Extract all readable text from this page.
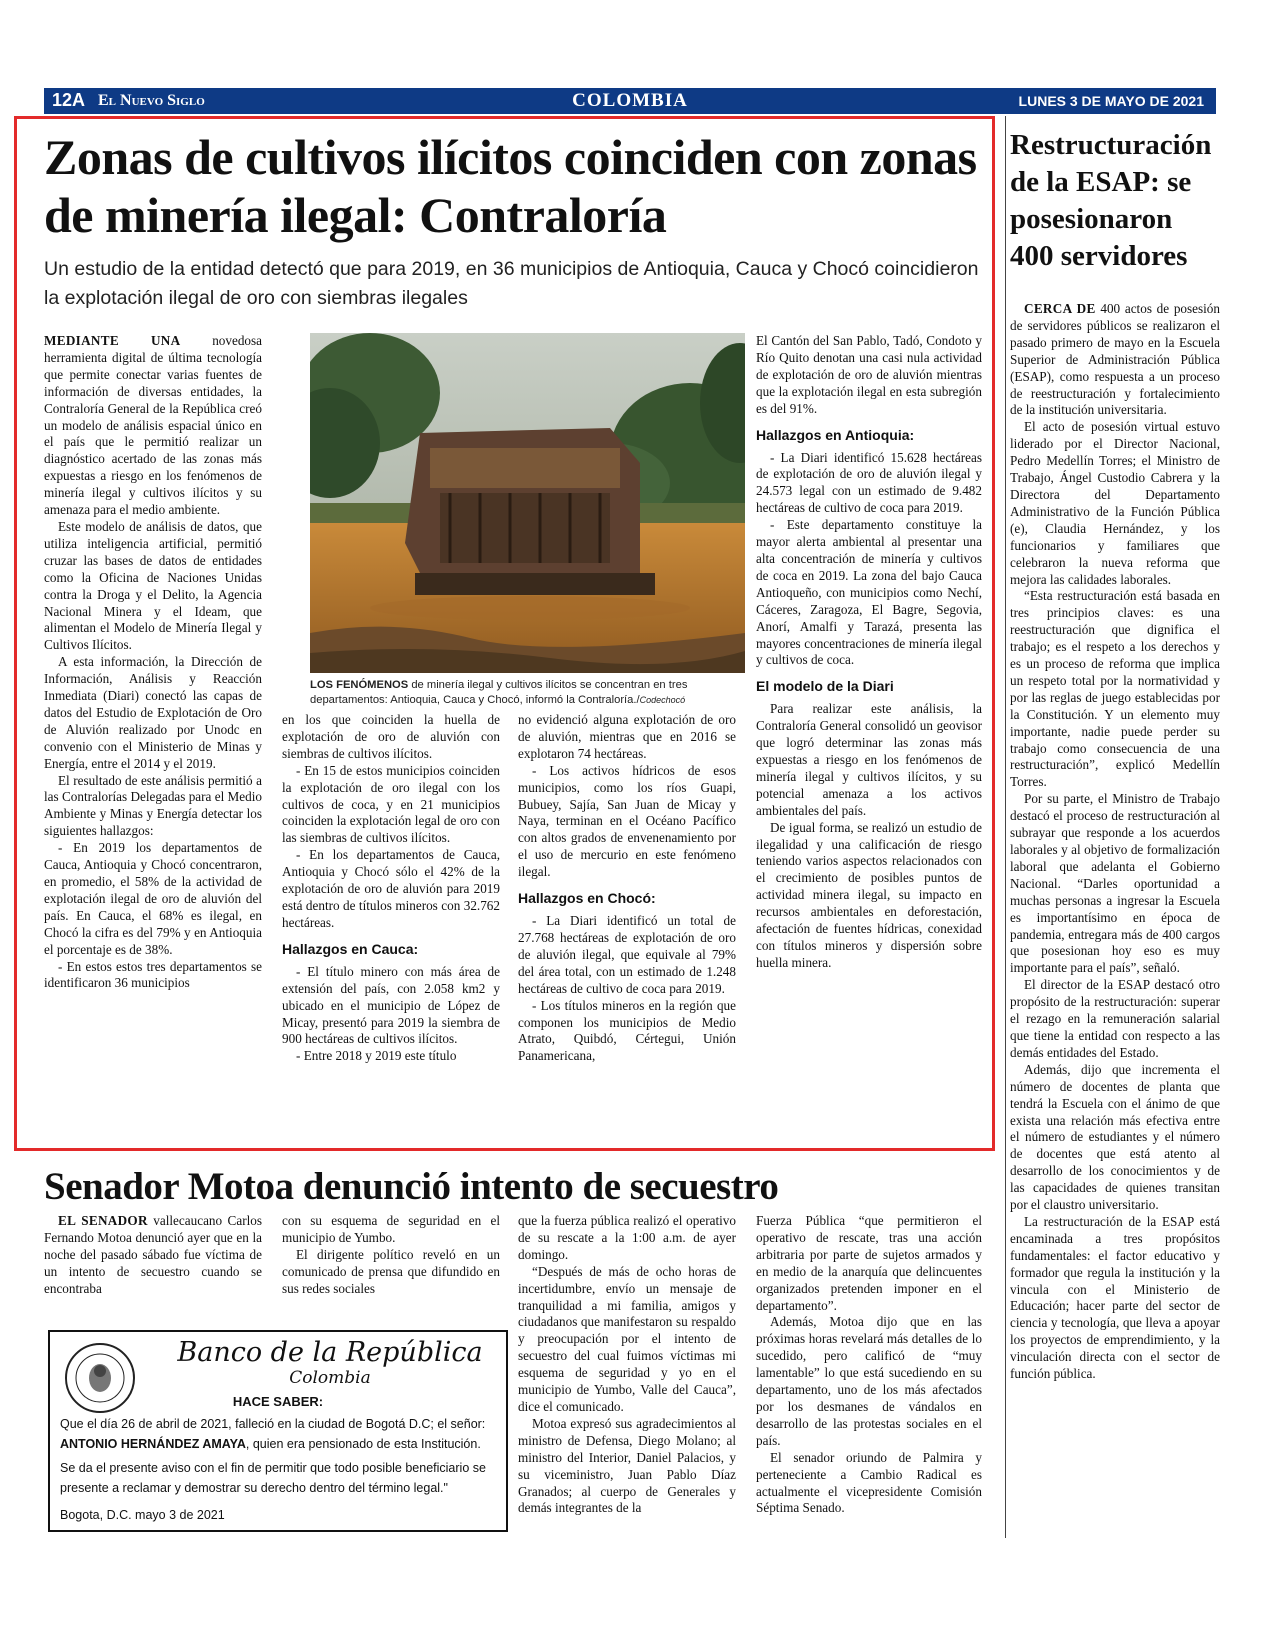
12A El Nuevo Siglo	COLOMBIA	LUNES 3 DE MAYO DE 2021
Zonas de cultivos ilícitos coinciden con zonas de minería ilegal: Contraloría
Un estudio de la entidad detectó que para 2019, en 36 municipios de Antioquia, Cauca y Chocó coincidieron la explotación ilegal de oro con siembras ilegales

MEDIANTE UNA novedosa herramienta digital de última tecnología que permite conectar varias fuentes de información de diversas entidades, la Contraloría General de la República creó un modelo de análisis espacial único en el país que le permitió realizar un diagnóstico acertado de las zonas más expuestas a riesgo en los fenómenos de minería ilegal y cultivos ilícitos y su amenaza para el medio ambiente.

Este modelo de análisis de datos, que utiliza inteligencia artificial, permitió cruzar las bases de datos de entidades como la Oficina de Naciones Unidas contra la Droga y el Delito, la Agencia Nacional Minera y el Ideam, que alimentan el Modelo de Minería Ilegal y Cultivos Ilícitos.

A esta información, la Dirección de Información, Análisis y Reacción Inmediata (Diari) conectó las capas de datos del Estudio de Explotación de Oro de Aluvión realizado por Unodc en convenio con el Ministerio de Minas y Energía, entre el 2014 y el 2019.

El resultado de este análisis permitió a las Contralorías Delegadas para el Medio Ambiente y Minas y Energía detectar los siguientes hallazgos:

- En 2019 los departamentos de Cauca, Antioquia y Chocó concentraron, en promedio, el 58% de la actividad de explotación ilegal de oro de aluvión del país. En Cauca, el 68% es ilegal, en Chocó la cifra es del 79% y en Antioquia el porcentaje es de 38%.

- En estos estos tres departamentos se identificaron 36 municipios

LOS FENÓMENOS de minería ilegal y cultivos ilícitos se concentran en tres departamentos: Antioquia, Cauca y Chocó, informó la Contraloría./Codechocó

en los que coinciden la huella de explotación de oro de aluvión con siembras de cultivos ilícitos.

- En 15 de estos municipios coinciden la explotación de oro ilegal con los cultivos de coca, y en 21 municipios coinciden la explotación legal de oro con las siembras de cultivos ilícitos.

- En los departamentos de Cauca, Antioquia y Chocó sólo el 42% de la explotación de oro de aluvión para 2019 está dentro de títulos mineros con 32.762 hectáreas.

Hallazgos en Cauca:

- El título minero con más área de extensión del país, con 2.058 km2 y ubicado en el municipio de López de Micay, presentó para 2019 la siembra de 900 hectáreas de cultivos ilícitos.

- Entre 2018 y 2019 este título

no evidenció alguna explotación de oro de aluvión, mientras que en 2016 se explotaron 74 hectáreas.

- Los activos hídricos de esos municipios, como los ríos Guapi, Bubuey, Sajía, San Juan de Micay y Naya, terminan en el Océano Pacífico con altos grados de envenenamiento por el uso de mercurio en este fenómeno ilegal.

Hallazgos en Chocó:

- La Diari identificó un total de 27.768 hectáreas de explotación de oro de aluvión ilegal, que equivale al 79% del área total, con un estimado de 1.248 hectáreas de cultivo de coca para 2019.

- Los títulos mineros en la región que componen los municipios de Medio Atrato, Quibdó, Cértegui, Unión Panamericana,

El Cantón del San Pablo, Tadó, Condoto y Río Quito denotan una casi nula actividad de explotación de oro de aluvión mientras que la explotación ilegal en esta subregión es del 91%.

Hallazgos en Antioquia:

- La Diari identificó 15.628 hectáreas de explotación de oro de aluvión ilegal y 24.573 legal con un estimado de 9.482 hectáreas de cultivo de coca para 2019.

- Este departamento constituye la mayor alerta ambiental al presentar una alta concentración de minería y cultivos de coca en 2019. La zona del bajo Cauca Antioqueño, con municipios como Nechí, Cáceres, Zaragoza, El Bagre, Segovia, Anorí, Amalfi y Tarazá, presenta las mayores concentraciones de minería ilegal y cultivos de coca.

El modelo de la Diari

Para realizar este análisis, la Contraloría General consolidó un geovisor que logró determinar las zonas más expuestas a riesgo en los fenómenos de minería ilegal y cultivos ilícitos, y su potencial amenaza a los activos ambientales del país.

De igual forma, se realizó un estudio de ilegalidad y una calificación de riesgo teniendo varios aspectos relacionados con el crecimiento de posibles puntos de actividad minera ilegal, su impacto en recursos ambientales en deforestación, afectación de fuentes hídricas, conexidad con títulos mineros y dispersión sobre huella minera.

Restructuración de la ESAP: se posesionaron 400 servidores

CERCA DE 400 actos de posesión de servidores públicos se realizaron el pasado primero de mayo en la Escuela Superior de Administración Pública (ESAP), como respuesta a un proceso de reestructuración y fortalecimiento de la institución universitaria.

El acto de posesión virtual estuvo liderado por el Director Nacional, Pedro Medellín Torres; el Ministro de Trabajo, Ángel Custodio Cabrera y la Directora del Departamento Administrativo de la Función Pública (e), Claudia Hernández, y los funcionarios y familiares que celebraron la nueva reforma que mejora las calidades laborales.

“Esta restructuración está basada en tres principios claves: es una reestructuración que dignifica el trabajo; es el respeto a los derechos y es un proceso de reforma que implica un respeto total por la normatividad y por las reglas de juego establecidas por la Constitución. Y un elemento muy importante, nadie puede perder su trabajo como consecuencia de una restructuración”, explicó Medellín Torres.

Por su parte, el Ministro de Trabajo destacó el proceso de restructuración al subrayar que responde a los acuerdos laborales y al objetivo de formalización laboral que adelanta el Gobierno Nacional. “Darles oportunidad a muchas personas a ingresar la Escuela es importantísimo en época de pandemia, entregara más de 400 cargos que posesionan hoy eso es muy importante para el país”, señaló.

El director de la ESAP destacó otro propósito de la restructuración: superar el rezago en la remuneración salarial que tiene la entidad con respecto a las demás entidades del Estado.

Además, dijo que incrementa el número de docentes de planta que tendrá la Escuela con el ánimo de que exista una relación más efectiva entre el número de estudiantes y el número de docentes que está atento al desarrollo de los conocimientos y de las capacidades de quienes transitan por el claustro universitario.

La restructuración de la ESAP está encaminada a tres propósitos fundamentales: el factor educativo y formador que regula la institución y la vincula con el Ministerio de Educación; hacer parte del sector de ciencia y tecnología, que lleva a apoyar los proyectos de emprendimiento, y la vinculación directa con el sector de función pública.

Senador Motoa denunció intento de secuestro

EL SENADOR vallecaucano Carlos Fernando Motoa denunció ayer que en la noche del pasado sábado fue víctima de un intento de secuestro cuando se encontraba

con su esquema de seguridad en el municipio de Yumbo.

El dirigente político reveló en un comunicado de prensa que difundido en sus redes sociales

que la fuerza pública realizó el operativo de su rescate a la 1:00 a.m. de ayer domingo.

“Después de más de ocho horas de incertidumbre, envío un mensaje de tranquilidad a mi familia, amigos y ciudadanos que manifestaron su respaldo y preocupación por el intento de secuestro del cual fuimos víctimas mi esquema de seguridad y yo en el municipio de Yumbo, Valle del Cauca”, dice el comunicado.

Motoa expresó sus agradecimientos al ministro de Defensa, Diego Molano; al ministro del Interior, Daniel Palacios, y su viceministro, Juan Pablo Díaz Granados; al cuerpo de Generales y demás integrantes de la

Fuerza Pública “que permitieron el operativo de rescate, tras una acción arbitraria por parte de sujetos armados y en medio de la anarquía que delincuentes organizados pretenden imponer en el departamento”.

Además, Motoa dijo que en las próximas horas revelará más detalles de lo sucedido, pero calificó de “muy lamentable” lo que está sucediendo en su departamento, uno de los más afectados por los desmanes de vándalos en desarrollo de las protestas sociales en el país.

El senador oriundo de Palmira y perteneciente a Cambio Radical es actualmente el vicepresidente Comisión Séptima Senado.

Banco de la República
Colombia
HACE SABER:

Que el día 26 de abril de 2021, falleció en la ciudad de Bogotá D.C; el señor:
ANTONIO HERNÁNDEZ AMAYA, quien era pensionado de esta Institución.

Se da el presente aviso con el fin de permitir que todo posible beneficiario se presente a reclamar y demostrar su derecho dentro del término legal."

Bogota, D.C. mayo 3 de 2021
